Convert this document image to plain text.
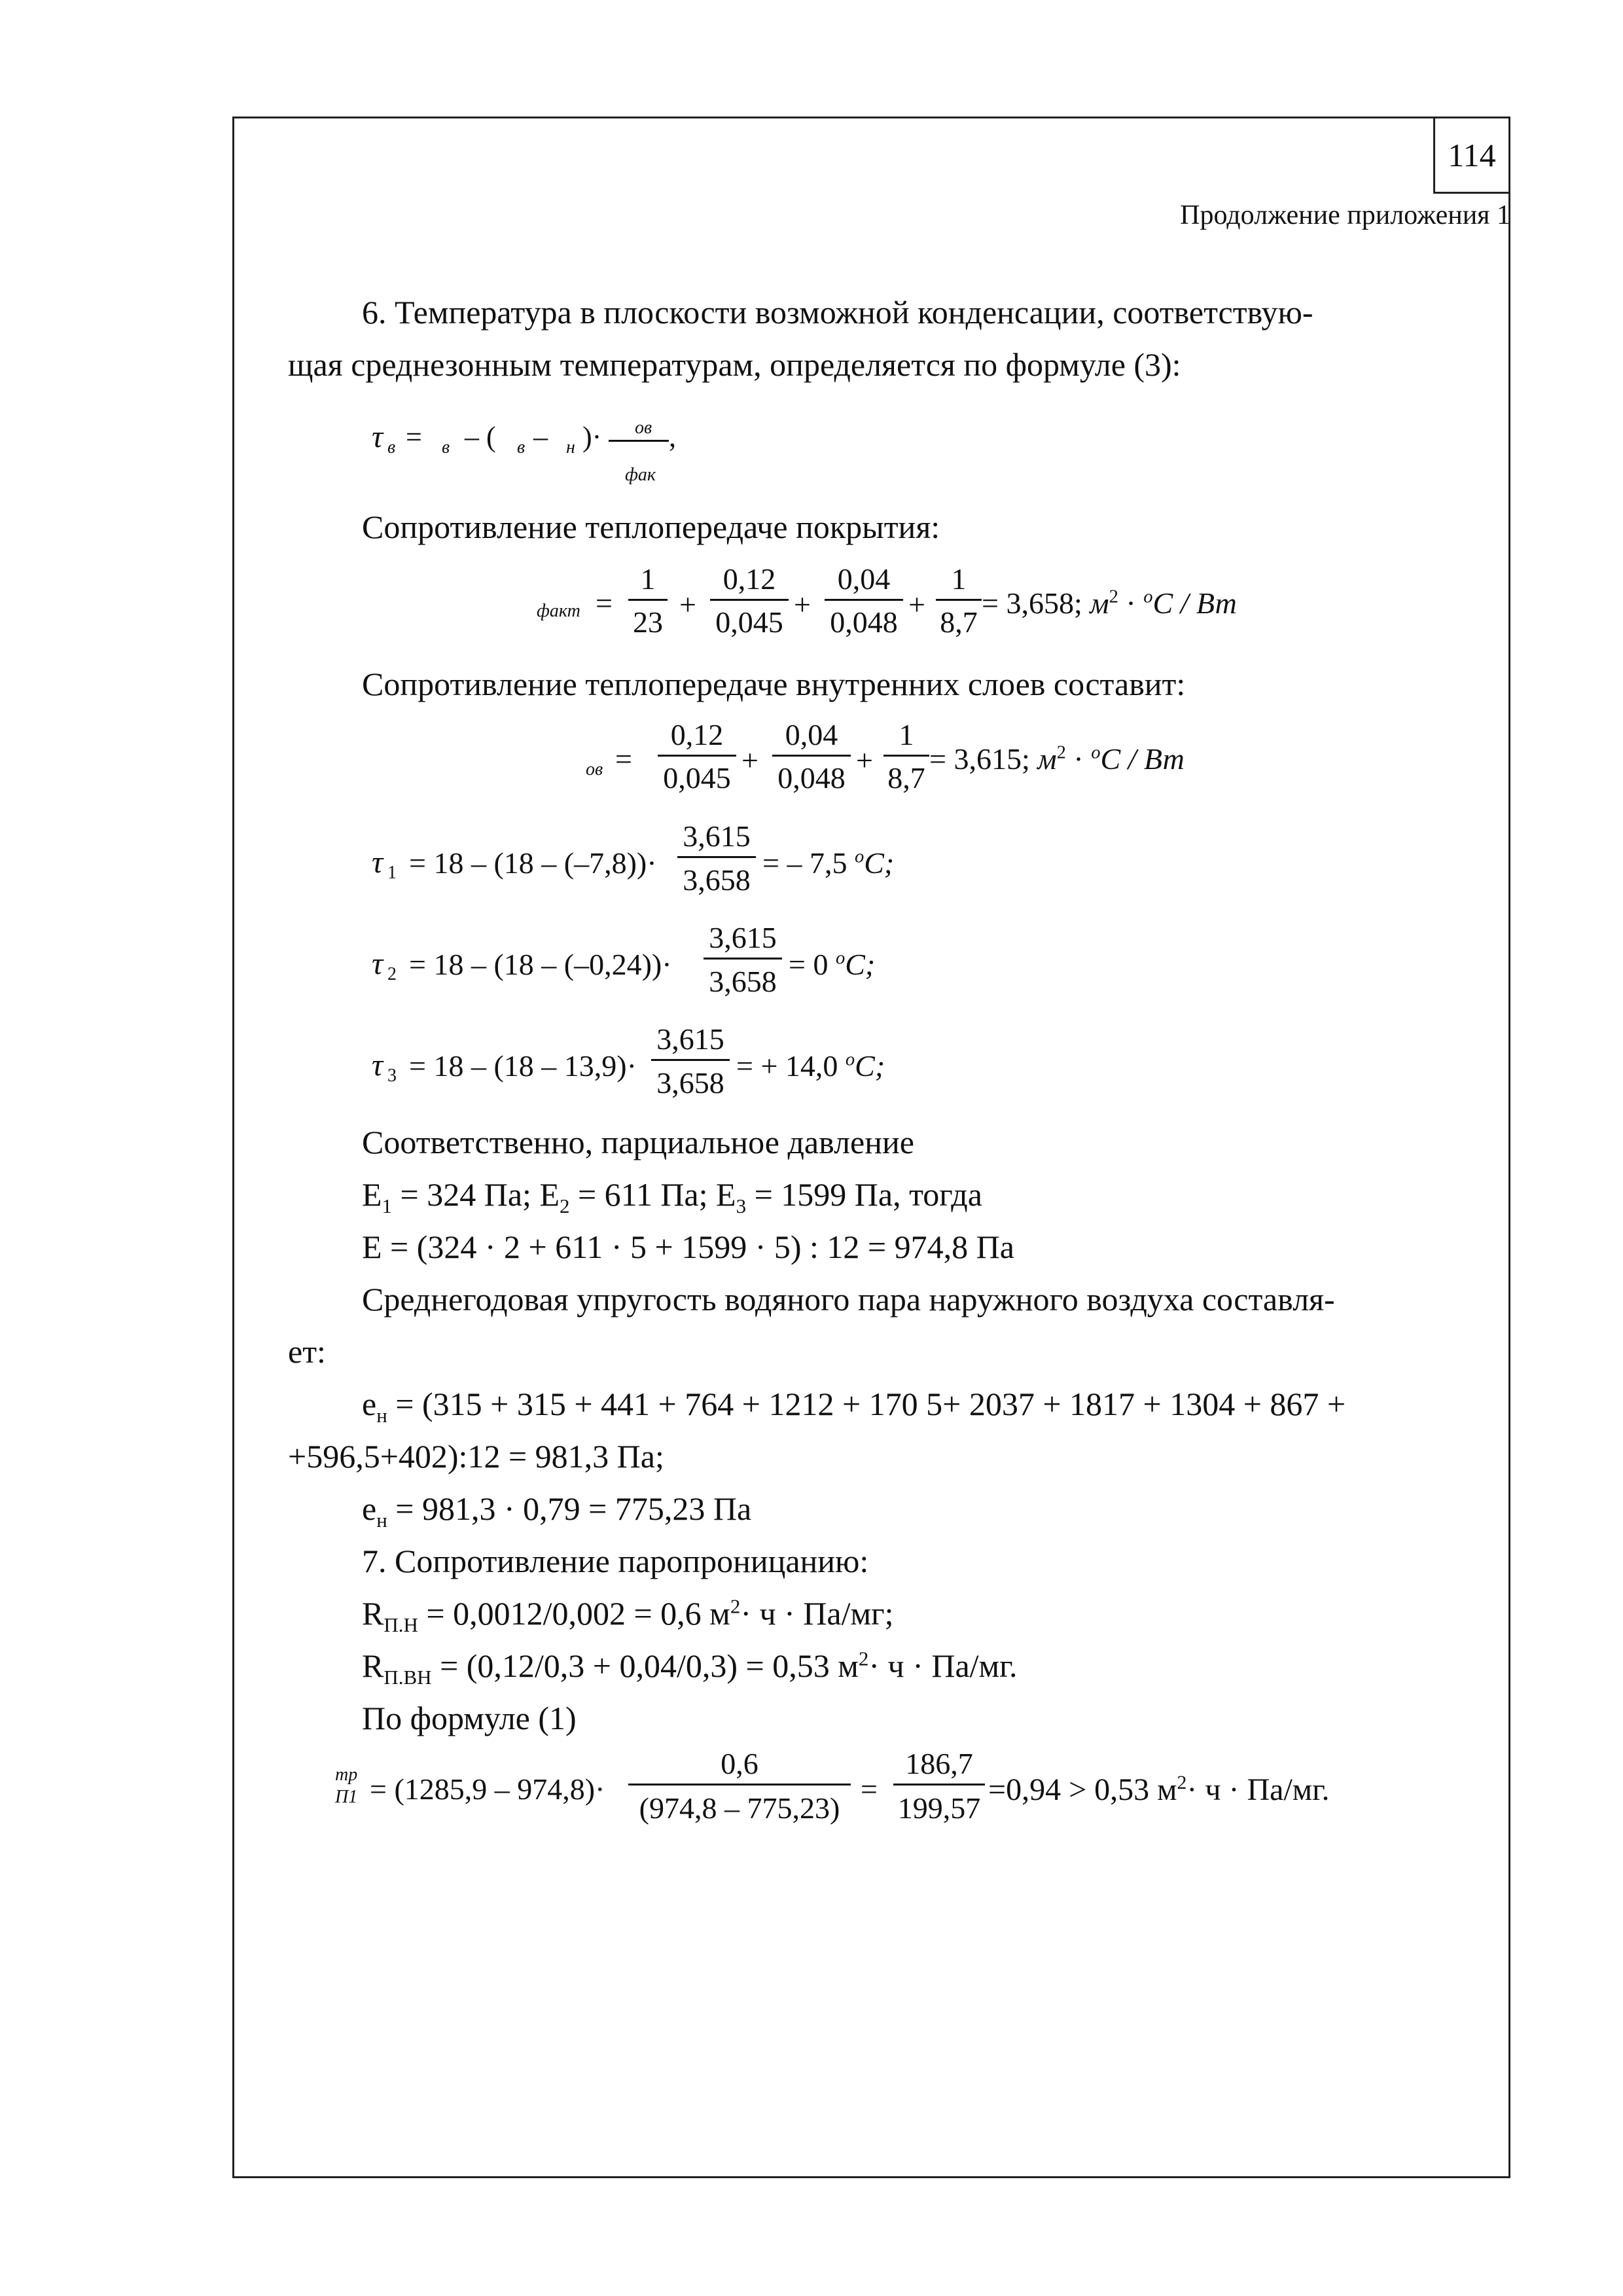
114
Продолжение приложения 1
6. Температура в плоскости возможной конденсации, соответствую-
щая среднезонным температурам, определяется по формуле (3):
τ в = в – ( в – н )· ов
фак
,
Сопротивление теплопередаче покрытия:
факт =
1
23
+
0,12
0,045
+
0,04
0,048
+
1
8,7
= 3,658; $м^2 \cdot ^oC$ / Вт
Сопротивление теплопередаче внутренних слоев составит:
ов =
0,12
0,045
+
0,04
0,048
+
1
8,7
= 3,615; $м^2 \cdot ^oC$ / Вт
τ 1 = 18 – (18 – (–7,8))·
3,615
3,658
= – 7,5 $^o$C;
τ 2 = 18 – (18 – (–0,24))·
3,615
3,658
= 0 $^o$C;
τ 3 = 18 – (18 – 13,9)·
3,615
3,658
= + 14,0 $^o$C;
Соответственно, парциальное давление
$E_1 = 324$ Па; $E_2 = 611$ Па; $E_3 = 1599$ Па, тогда
E = (324 · 2 + 611 · 5 + 1599 · 5) : 12 = 974,8 Па
Среднегодовая упругость водяного пара наружного воздуха составля-
ет:
$e_н = (315 + 315 + 441 + 764 + 1212 + 170$ 5+ 2037 + 1817 + 1304 + 867 +
+596,5+402):12 = 981,3 Па;
$e_н = 981,3 \cdot 0,79 = 775,23$ Па
7. Сопротивление паропроницанию:
$R_{П.Н} = 0,0012/0,002 = 0,6$ $м^2\cdot ч \cdot Па/мг$;
$R_{П.ВН} = (0,12/0,3 + 0,04/0,3) = 0,53$ $м^2\cdot ч \cdot Па/мг$.
По формуле (1)
тр
П1 = (1285,9 – 974,8)·
0,6
(974,8 – 775,23)
=
186,7
199,57
=0,94 > 0,53 $м^2\cdot ч \cdot Па/мг$.
